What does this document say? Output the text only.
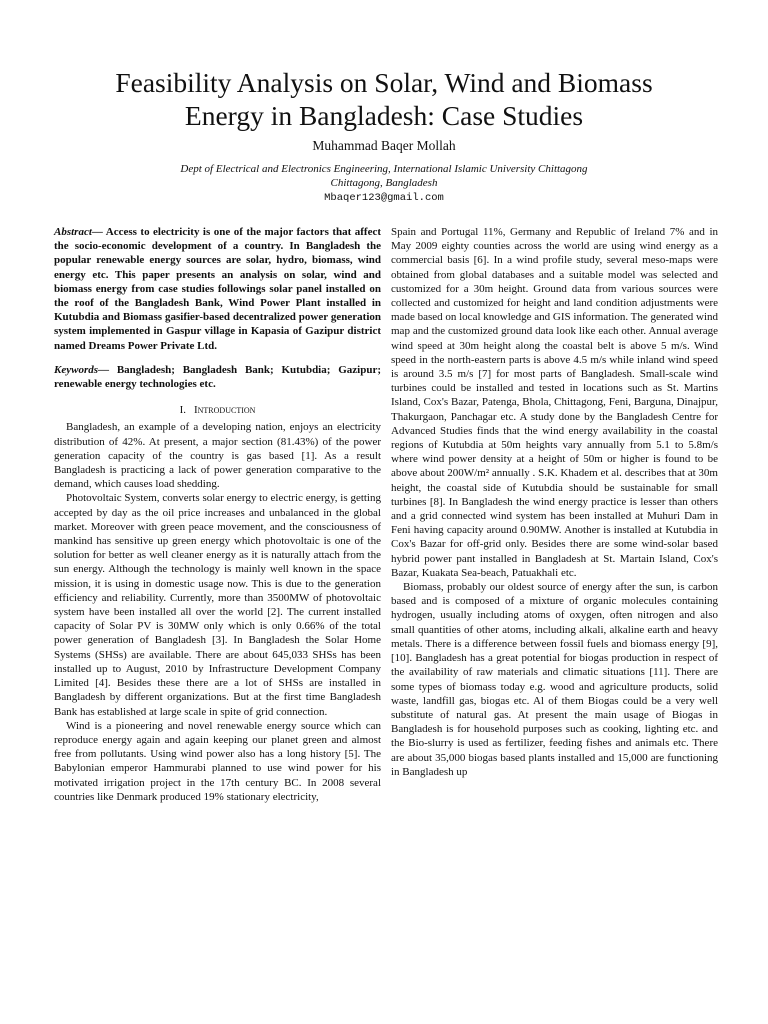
Feasibility Analysis on Solar, Wind and Biomass
Energy in Bangladesh: Case Studies
Muhammad Baqer Mollah
Dept of Electrical and Electronics Engineering, International Islamic University Chittagong
Chittagong, Bangladesh
Mbaqer123@gmail.com

Abstract— Access to electricity is one of the major factors that affect the socio-economic development of a country. In Bangladesh the popular renewable energy sources are solar, hydro, biomass, wind energy etc. This paper presents an analysis on solar, wind and biomass energy from case studies followings solar panel installed on the roof of the Bangladesh Bank, Wind Power Plant installed in Kutubdia and Biomass gasifier-based decentralized power generation system implemented in Gaspur village in Kapasia of Gazipur district named Dreams Power Private Ltd.

Keywords— Bangladesh; Bangladesh Bank; Kutubdia; Gazipur; renewable energy technologies etc.

I. Introduction

Bangladesh, an example of a developing nation, enjoys an electricity distribution of 42%. At present, a major section (81.43%) of the power generation capacity of the country is gas based [1]. As a result Bangladesh is practicing a lack of power generation comparative to the demand, which causes load shedding.

Photovoltaic System, converts solar energy to electric energy, is getting accepted by day as the oil price increases and unbalanced in the global market. Moreover with green peace movement, and the consciousness of mankind has sensitive up green energy which photovoltaic is one of the solution for better as well cleaner energy as it is naturally attach from the sun energy. Although the technology is mainly well known in the space mission, it is using in domestic usage now. This is due to the generation efficiency and reliability. Currently, more than 3500MW of photovoltaic system have been installed all over the world [2]. The current installed capacity of Solar PV is 30MW only which is only 0.66% of the total power generation of Bangladesh [3]. In Bangladesh the Solar Home Systems (SHSs) are available. There are about 645,033 SHSs has been installed up to August, 2010 by Infrastructure Development Company Limited [4]. Besides these there are a lot of SHSs are installed in Bangladesh by different organizations. But at the first time Bangladesh Bank has established at large scale in spite of grid connection.

Wind is a pioneering and novel renewable energy source which can reproduce energy again and again keeping our planet green and almost free from pollutants. Using wind power also has a long history [5]. The Babylonian emperor Hammurabi planned to use wind power for his motivated irrigation project in the 17th century BC. In 2008 several countries like Denmark produced 19% stationary electricity,

Spain and Portugal 11%, Germany and Republic of Ireland 7% and in May 2009 eighty counties across the world are using wind energy as a commercial basis [6]. In a wind profile study, several meso-maps were obtained from global databases and a suitable model was selected and customized for a 30m height. Ground data from various sources were collected and customized for height and land condition adjustments were made based on local knowledge and GIS information. The generated wind map and the customized ground data look like each other. Annual average wind speed at 30m height along the coastal belt is above 5 m/s. Wind speed in the north-eastern parts is above 4.5 m/s while inland wind speed is around 3.5 m/s [7] for most parts of Bangladesh. Small-scale wind turbines could be installed and tested in locations such as St. Martins Island, Cox's Bazar, Patenga, Bhola, Chittagong, Feni, Barguna, Dinajpur, Thakurgaon, Panchagar etc. A study done by the Bangladesh Centre for Advanced Studies finds that the wind energy availability in the coastal regions of Kutubdia at 50m heights vary annually from 5.1 to 5.8m/s where wind power density at a height of 50m or higher is found to be above about 200W/m² annually . S.K. Khadem et al. describes that at 30m height, the coastal side of Kutubdia should be sustainable for small turbines [8]. In Bangladesh the wind energy practice is lesser than others and a grid connected wind system has been installed at Muhuri Dam in Feni having capacity around 0.90MW. Another is installed at Kutubdia in Cox's Bazar for off-grid only. Besides there are some wind-solar based hybrid power pant installed in Bangladesh at St. Martain Island, Cox's Bazar, Kuakata Sea-beach, Patuakhali etc.

Biomass, probably our oldest source of energy after the sun, is carbon based and is composed of a mixture of organic molecules containing hydrogen, usually including atoms of oxygen, often nitrogen and also small quantities of other atoms, including alkali, alkaline earth and heavy metals. There is a difference between fossil fuels and biomass energy [9], [10]. Bangladesh has a great potential for biogas production in respect of the availability of raw materials and climatic situations [11]. There are some types of biomass today e.g. wood and agriculture products, solid waste, landfill gas, biogas etc. Al of them Biogas could be a very well substitute of natural gas. At present the main usage of Biogas in Bangladesh is for household purposes such as cooking, lighting etc. and the Bio-slurry is used as fertilizer, feeding fishes and animals etc. There are about 35,000 biogas based plants installed and 15,000 are functioning in Bangladesh up
